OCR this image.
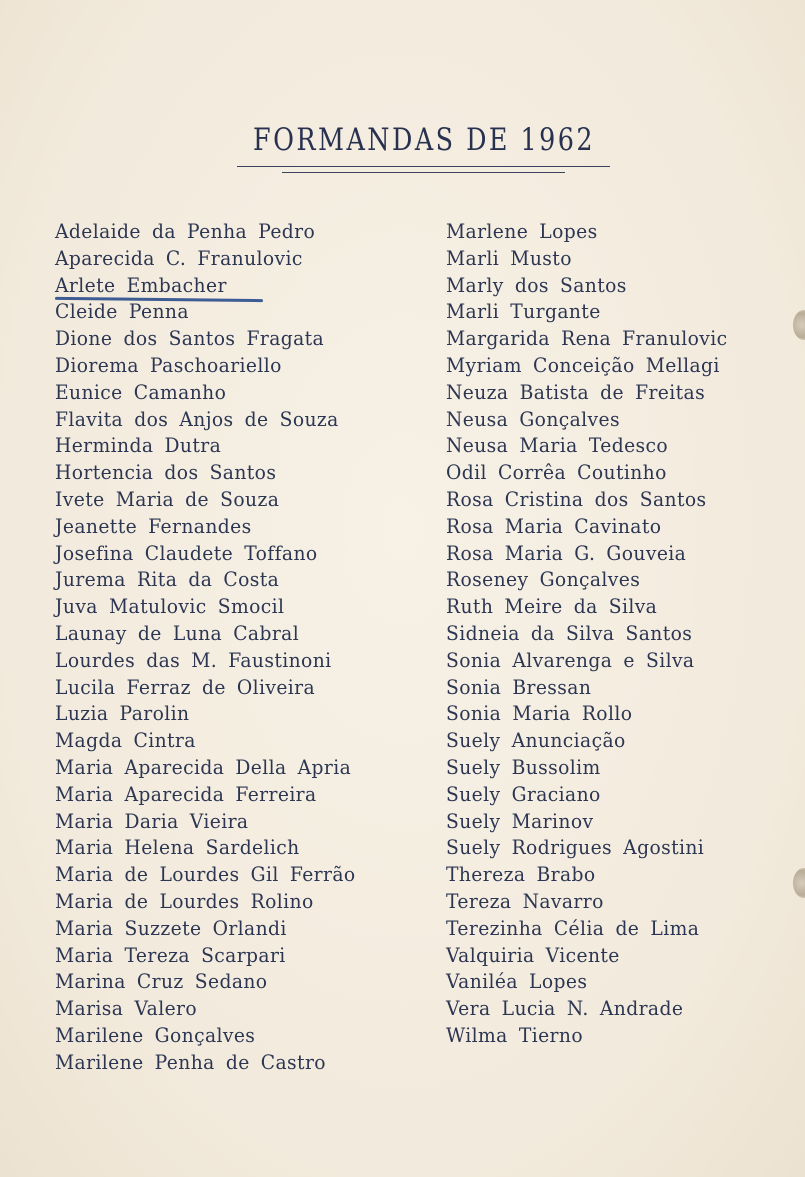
FORMANDAS DE 1962
Adelaide da Penha Pedro
Aparecida C. Franulovic
Arlete Embacher
Cleide Penna
Dione dos Santos Fragata
Diorema Paschoariello
Eunice Camanho
Flavita dos Anjos de Souza
Herminda Dutra
Hortencia dos Santos
Ivete Maria de Souza
Jeanette Fernandes
Josefina Claudete Toffano
Jurema Rita da Costa
Juva Matulovic Smocil
Launay de Luna Cabral
Lourdes das M. Faustinoni
Lucila Ferraz de Oliveira
Luzia Parolin
Magda Cintra
Maria Aparecida Della Apria
Maria Aparecida Ferreira
Maria Daria Vieira
Maria Helena Sardelich
Maria de Lourdes Gil Ferrão
Maria de Lourdes Rolino
Maria Suzzete Orlandi
Maria Tereza Scarpari
Marina Cruz Sedano
Marisa Valero
Marilene Gonçalves
Marilene Penha de Castro
Marlene Lopes
Marli Musto
Marly dos Santos
Marli Turgante
Margarida Rena Franulovic
Myriam Conceição Mellagi
Neuza Batista de Freitas
Neusa Gonçalves
Neusa Maria Tedesco
Odil Corrêa Coutinho
Rosa Cristina dos Santos
Rosa Maria Cavinato
Rosa Maria G. Gouveia
Roseney Gonçalves
Ruth Meire da Silva
Sidneia da Silva Santos
Sonia Alvarenga e Silva
Sonia Bressan
Sonia Maria Rollo
Suely Anunciação
Suely Bussolim
Suely Graciano
Suely Marinov
Suely Rodrigues Agostini
Thereza Brabo
Tereza Navarro
Terezinha Célia de Lima
Valquiria Vicente
Vaniléa Lopes
Vera Lucia N. Andrade
Wilma Tierno
